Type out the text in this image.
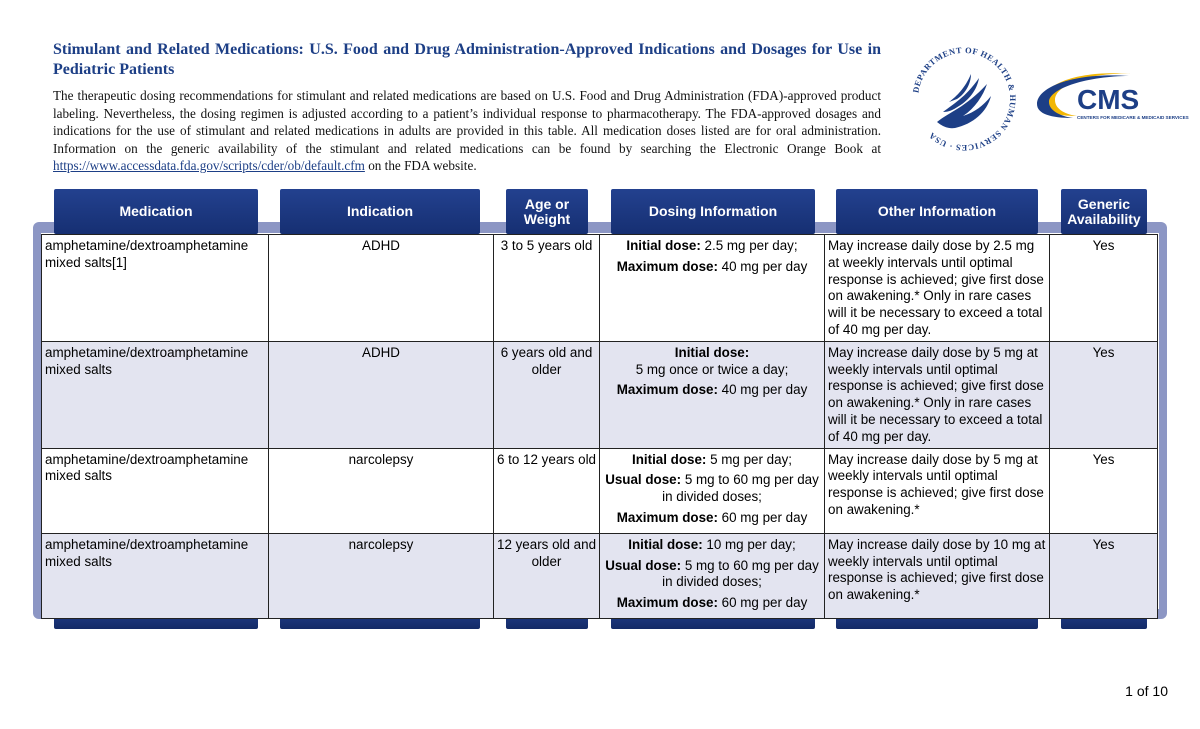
Stimulant and Related Medications: U.S. Food and Drug Administration-Approved Indications and Dosages for Use in Pediatric Patients
The therapeutic dosing recommendations for stimulant and related medications are based on U.S. Food and Drug Administration (FDA)-approved product labeling. Nevertheless, the dosing regimen is adjusted according to a patient’s individual response to pharmacotherapy. The FDA-approved dosages and indications for the use of stimulant and related medications in adults are provided in this table. All medication doses listed are for oral administration. Information on the generic availability of the stimulant and related medications can be found by searching the Electronic Orange Book at https://www.accessdata.fda.gov/scripts/cder/ob/default.cfm on the FDA website.
DEPARTMENT OF HEALTH & HUMAN SERVICES · USA
CMS
CENTERS FOR MEDICARE & MEDICAID SERVICES
Medication	Indication	Age or Weight	Dosing Information	Other Information	Generic Availability
amphetamine/dextroamphetamine mixed salts[1]	ADHD	3 to 5 years old	Initial dose: 2.5 mg per day;

Maximum dose: 40 mg per day	May increase daily dose by 2.5 mg at weekly intervals until optimal response is achieved; give first dose on awakening.* Only in rare cases will it be necessary to exceed a total of 40 mg per day.	Yes
amphetamine/dextroamphetamine mixed salts	ADHD	6 years old and older	Initial dose:
5 mg once or twice a day;

Maximum dose: 40 mg per day	May increase daily dose by 5 mg at weekly intervals until optimal response is achieved; give first dose on awakening.* Only in rare cases will it be necessary to exceed a total of 40 mg per day.	Yes
amphetamine/dextroamphetamine mixed salts	narcolepsy	6 to 12 years old	Initial dose: 5 mg per day;

Usual dose: 5 mg to 60 mg per day in divided doses;

Maximum dose: 60 mg per day	May increase daily dose by 5 mg at weekly intervals until optimal response is achieved; give first dose on awakening.*	Yes
amphetamine/dextroamphetamine mixed salts	narcolepsy	12 years old and older	Initial dose: 10 mg per day;

Usual dose: 5 mg to 60 mg per day in divided doses;

Maximum dose: 60 mg per day	May increase daily dose by 10 mg at weekly intervals until optimal response is achieved; give first dose on awakening.*	Yes
1 of 10
